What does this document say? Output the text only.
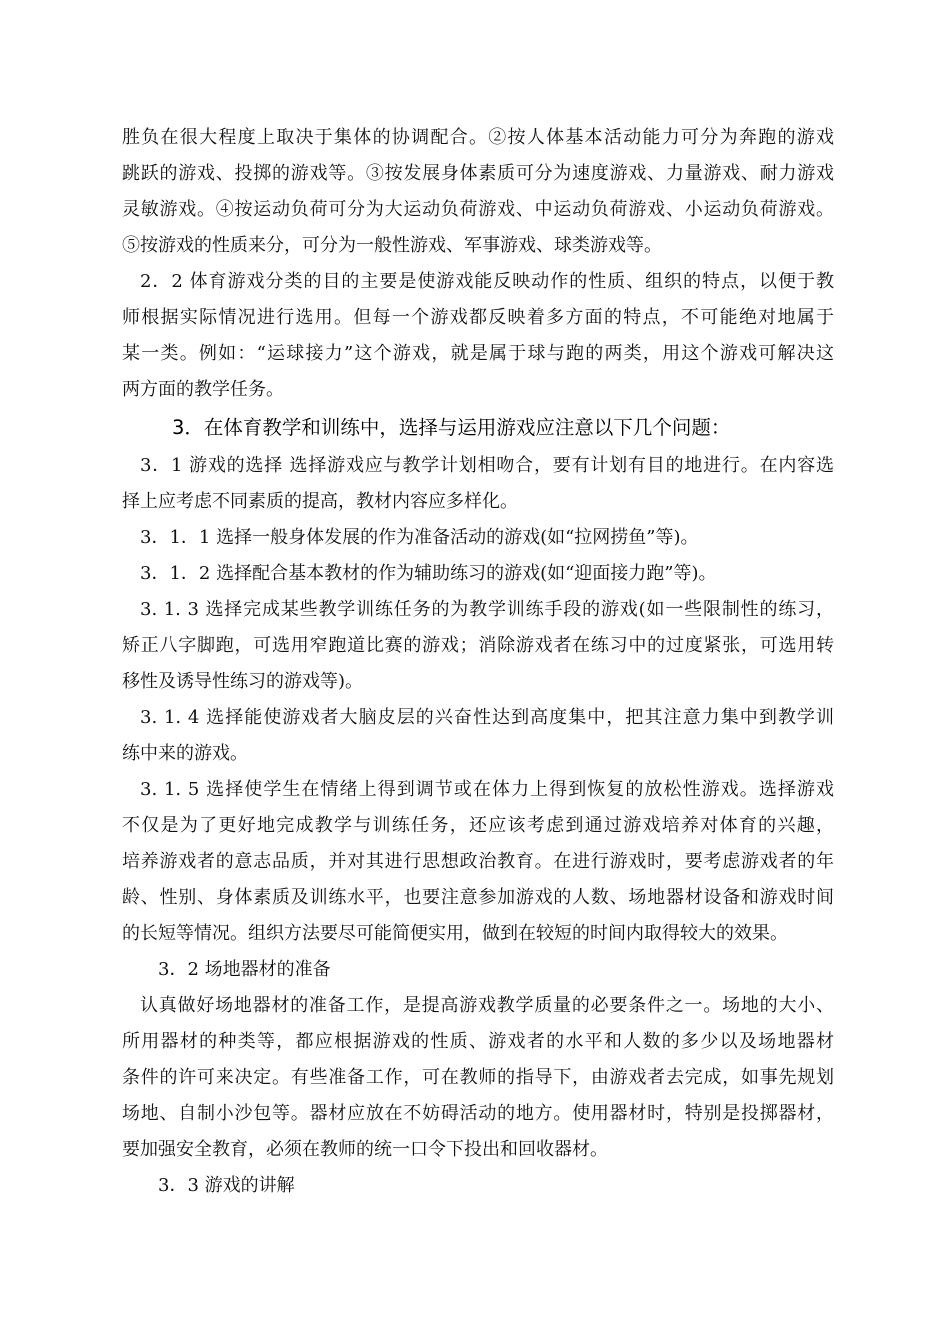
胜负在很大程度上取决于集体的协调配合。②按人体基本活动能力可分为奔跑的游戏
跳跃的游戏、投掷的游戏等。③按发展身体素质可分为速度游戏、力量游戏、耐力游戏
灵敏游戏。④按运动负荷可分为大运动负荷游戏、中运动负荷游戏、小运动负荷游戏。
⑤按游戏的性质来分，可分为一般性游戏、军事游戏、球类游戏等。
2．2 体育游戏分类的目的主要是使游戏能反映动作的性质、组织的特点，以便于教
师根据实际情况进行选用。但每一个游戏都反映着多方面的特点，不可能绝对地属于
某一类。例如：“运球接力”这个游戏，就是属于球与跑的两类，用这个游戏可解决这
两方面的教学任务。
3．在体育教学和训练中，选择与运用游戏应注意以下几个问题：
3．1 游戏的选择 选择游戏应与教学计划相吻合，要有计划有目的地进行。在内容选
择上应考虑不同素质的提高，教材内容应多样化。
3．1．1 选择一般身体发展的作为准备活动的游戏(如“拉网捞鱼”等)。
3．1．2 选择配合基本教材的作为辅助练习的游戏(如“迎面接力跑”等)。
3. 1. 3 选择完成某些教学训练任务的为教学训练手段的游戏(如一些限制性的练习，
矫正八字脚跑，可选用窄跑道比赛的游戏；消除游戏者在练习中的过度紧张，可选用转
移性及诱导性练习的游戏等)。
3. 1. 4 选择能使游戏者大脑皮层的兴奋性达到高度集中，把其注意力集中到教学训
练中来的游戏。
3. 1. 5 选择使学生在情绪上得到调节或在体力上得到恢复的放松性游戏。选择游戏
不仅是为了更好地完成教学与训练任务，还应该考虑到通过游戏培养对体育的兴趣，
培养游戏者的意志品质，并对其进行思想政治教育。在进行游戏时，要考虑游戏者的年
龄、性别、身体素质及训练水平，也要注意参加游戏的人数、场地器材设备和游戏时间
的长短等情况。组织方法要尽可能简便实用，做到在较短的时间内取得较大的效果。
3．2 场地器材的准备
认真做好场地器材的准备工作，是提高游戏教学质量的必要条件之一。场地的大小、
所用器材的种类等，都应根据游戏的性质、游戏者的水平和人数的多少以及场地器材
条件的许可来决定。有些准备工作，可在教师的指导下，由游戏者去完成，如事先规划
场地、自制小沙包等。器材应放在不妨碍活动的地方。使用器材时，特别是投掷器材，
要加强安全教育，必须在教师的统一口令下投出和回收器材。
3．3 游戏的讲解
